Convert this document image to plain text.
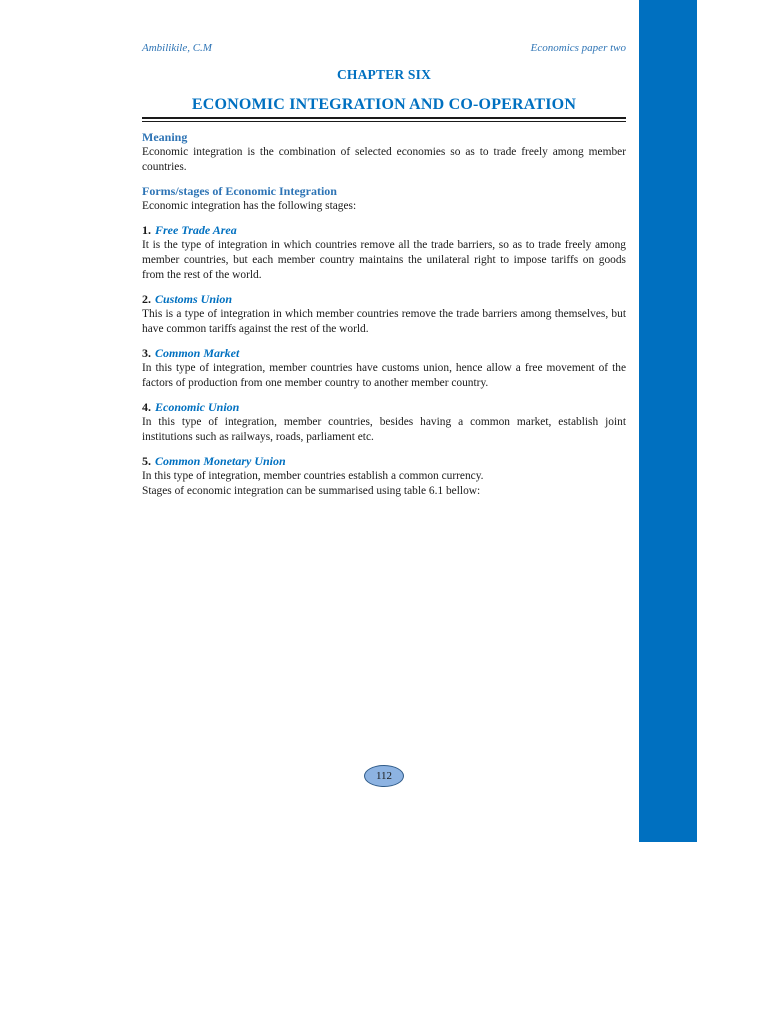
Ambilikile, C.M	Economics paper two
CHAPTER SIX
ECONOMIC INTEGRATION AND CO-OPERATION

Meaning

Economic integration is the combination of selected economies so as to trade freely among member countries.

Forms/stages of Economic Integration

Economic integration has the following stages:

1. Free Trade Area

It is the type of integration in which countries remove all the trade barriers, so as to trade freely among member countries, but each member country maintains the unilateral right to impose tariffs on goods from the rest of the world.

2. Customs Union

This is a type of integration in which member countries remove the trade barriers among themselves, but have common tariffs against the rest of the world.

3. Common Market

In this type of integration, member countries have customs union, hence allow a free movement of the factors of production from one member country to another member country.

4. Economic Union

In this type of integration, member countries, besides having a common market, establish joint institutions such as railways, roads, parliament etc.

5. Common Monetary Union

In this type of integration, member countries establish a common currency.

Stages of economic integration can be summarised using table 6.1 bellow:

112
